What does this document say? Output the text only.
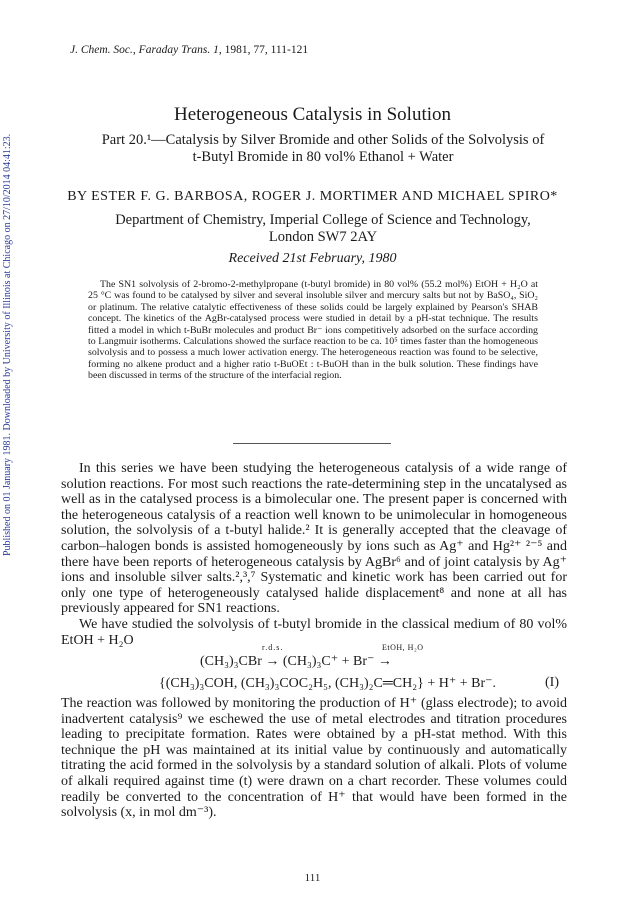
Published on 01 January 1981. Downloaded by University of Illinois at Chicago on 27/10/2014 04:41:23.
J. Chem. Soc., Faraday Trans. 1, 1981, 77, 111-121
Heterogeneous Catalysis in Solution
Part 20.¹—Catalysis by Silver Bromide and other Solids of the Solvolysis of
t-Butyl Bromide in 80 vol% Ethanol + Water
BY ESTER F. G. BARBOSA, ROGER J. MORTIMER AND MICHAEL SPIRO*
Department of Chemistry, Imperial College of Science and Technology,
London SW7 2AY
Received 21st February, 1980

The SN1 solvolysis of 2-bromo-2-methylpropane (t-butyl bromide) in 80 vol% (55.2 mol%) EtOH + H₂O at 25 °C was found to be catalysed by silver and several insoluble silver and mercury salts but not by BaSO₄, SiO₂ or platinum. The relative catalytic effectiveness of these solids could be largely explained by Pearson's SHAB concept. The kinetics of the AgBr-catalysed process were studied in detail by a pH-stat technique. The results fitted a model in which t-BuBr molecules and product Br⁻ ions competitively adsorbed on the surface according to Langmuir isotherms. Calculations showed the surface reaction to be ca. 10⁵ times faster than the homogeneous solvolysis and to possess a much lower activation energy. The heterogeneous reaction was found to be selective, forming no alkene product and a higher ratio t-BuOEt : t-BuOH than in the bulk solution. These findings have been discussed in terms of the structure of the interfacial region.

In this series we have been studying the heterogeneous catalysis of a wide range of solution reactions. For most such reactions the rate-determining step in the uncatalysed as well as in the catalysed process is a bimolecular one. The present paper is concerned with the heterogeneous catalysis of a reaction well known to be unimolecular in homogeneous solution, the solvolysis of a t-butyl halide.² It is generally accepted that the cleavage of carbon–halogen bonds is assisted homogeneously by ions such as Ag⁺ and Hg²⁺ ²⁻⁵ and there have been reports of heterogeneous catalysis by AgBr⁶ and of joint catalysis by Ag⁺ ions and insoluble silver salts.²,³,⁷ Systematic and kinetic work has been carried out for only one type of heterogeneously catalysed halide displacement⁸ and none at all has previously appeared for SN1 reactions.

We have studied the solvolysis of t-butyl bromide in the classical medium of 80 vol% EtOH + H₂O	r.d.s.	EtOH, H₂O
(CH₃)₃CBr → (CH₃)₃C⁺ + Br⁻ →
{(CH₃)₃COH, (CH₃)₃COC₂H₅, (CH₃)₂C═CH₂} + H⁺ + Br⁻.	(I)

The reaction was followed by monitoring the production of H⁺ (glass electrode); to avoid inadvertent catalysis⁹ we eschewed the use of metal electrodes and titration procedures leading to precipitate formation. Rates were obtained by a pH-stat method. With this technique the pH was maintained at its initial value by continuously and automatically titrating the acid formed in the solvolysis by a standard solution of alkali. Plots of volume of alkali required against time (t) were drawn on a chart recorder. These volumes could readily be converted to the concentration of H⁺ that would have been formed in the solvolysis (x, in mol dm⁻³).

111
